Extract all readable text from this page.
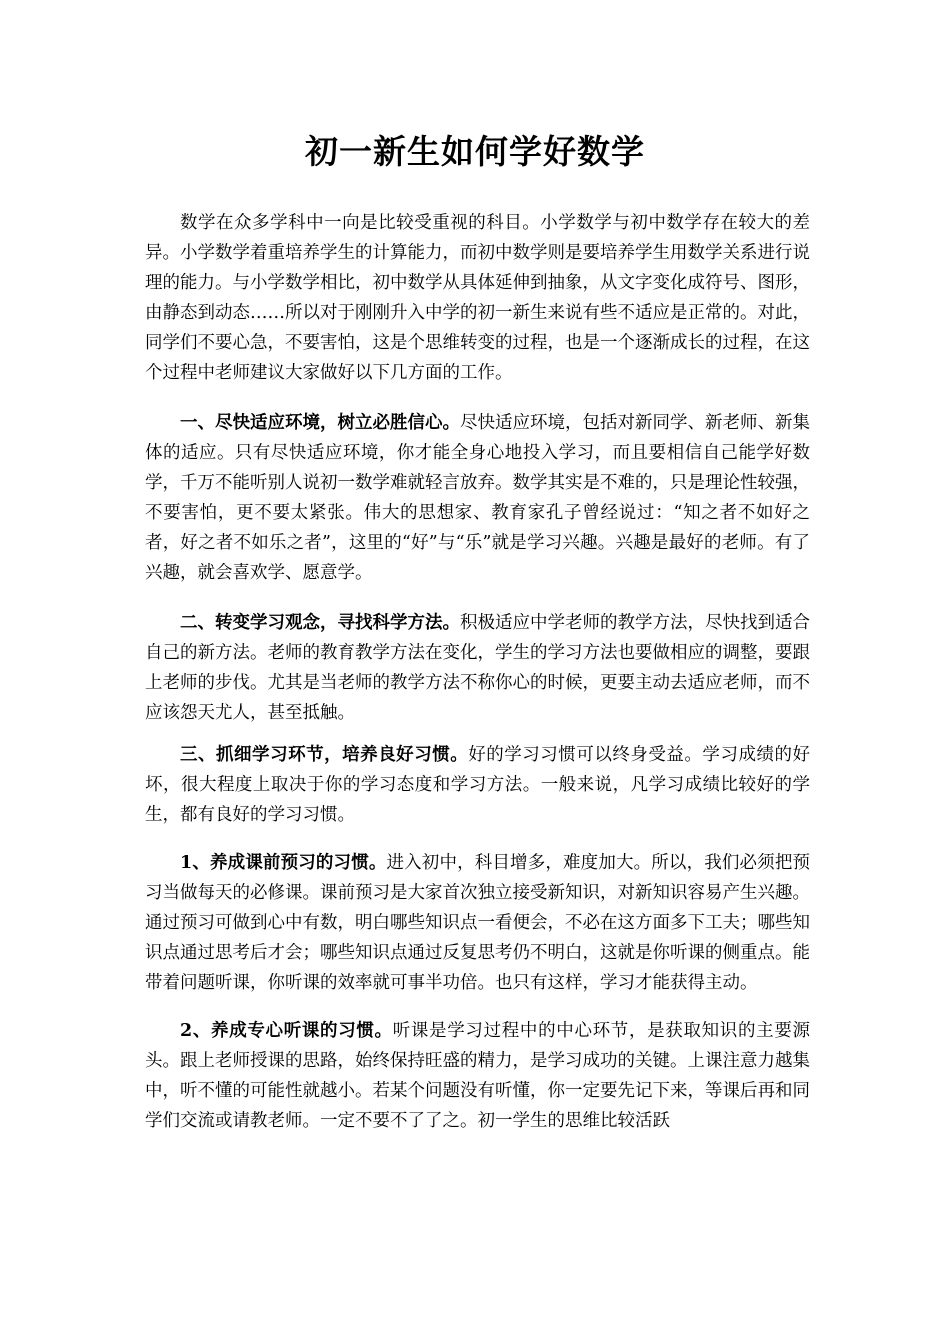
初一新生如何学好数学

数学在众多学科中一向是比较受重视的科目。小学数学与初中数学存在较大的差异。小学数学着重培养学生的计算能力，而初中数学则是要培养学生用数学关系进行说理的能力。与小学数学相比，初中数学从具体延伸到抽象，从文字变化成符号、图形，由静态到动态……所以对于刚刚升入中学的初一新生来说有些不适应是正常的。对此，同学们不要心急，不要害怕，这是个思维转变的过程，也是一个逐渐成长的过程，在这个过程中老师建议大家做好以下几方面的工作。

一、尽快适应环境，树立必胜信心。尽快适应环境，包括对新同学、新老师、新集体的适应。只有尽快适应环境，你才能全身心地投入学习，而且要相信自己能学好数学，千万不能听别人说初一数学难就轻言放弃。数学其实是不难的，只是理论性较强，不要害怕，更不要太紧张。伟大的思想家、教育家孔子曾经说过：“知之者不如好之者，好之者不如乐之者”，这里的“好”与“乐”就是学习兴趣。兴趣是最好的老师。有了兴趣，就会喜欢学、愿意学。

二、转变学习观念，寻找科学方法。积极适应中学老师的教学方法，尽快找到适合自己的新方法。老师的教育教学方法在变化，学生的学习方法也要做相应的调整，要跟上老师的步伐。尤其是当老师的教学方法不称你心的时候，更要主动去适应老师，而不应该怨天尤人，甚至抵触。

三、抓细学习环节，培养良好习惯。好的学习习惯可以终身受益。学习成绩的好坏，很大程度上取决于你的学习态度和学习方法。一般来说，凡学习成绩比较好的学生，都有良好的学习习惯。

1、养成课前预习的习惯。进入初中，科目增多，难度加大。所以，我们必须把预习当做每天的必修课。课前预习是大家首次独立接受新知识，对新知识容易产生兴趣。通过预习可做到心中有数，明白哪些知识点一看便会，不必在这方面多下工夫；哪些知识点通过思考后才会；哪些知识点通过反复思考仍不明白，这就是你听课的侧重点。能带着问题听课，你听课的效率就可事半功倍。也只有这样，学习才能获得主动。

2、养成专心听课的习惯。听课是学习过程中的中心环节，是获取知识的主要源头。跟上老师授课的思路，始终保持旺盛的精力，是学习成功的关键。上课注意力越集中，听不懂的可能性就越小。若某个问题没有听懂，你一定要先记下来，等课后再和同学们交流或请教老师。一定不要不了了之。初一学生的思维比较活跃
